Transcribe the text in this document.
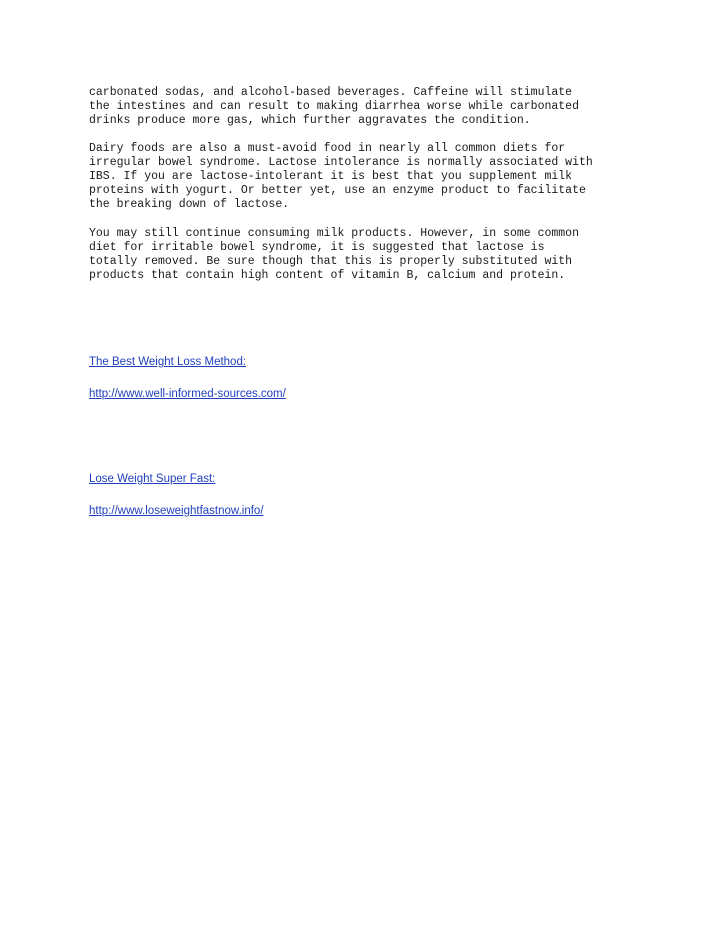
carbonated sodas, and alcohol-based beverages. Caffeine will stimulate
the intestines and can result to making diarrhea worse while carbonated
drinks produce more gas, which further aggravates the condition.
Dairy foods are also a must-avoid food in nearly all common diets for
irregular bowel syndrome. Lactose intolerance is normally associated with
IBS. If you are lactose-intolerant it is best that you supplement milk
proteins with yogurt. Or better yet, use an enzyme product to facilitate
the breaking down of lactose.
You may still continue consuming milk products. However, in some common
diet for irritable bowel syndrome, it is suggested that lactose is
totally removed. Be sure though that this is properly substituted with
products that contain high content of vitamin B, calcium and protein.
The Best Weight Loss Method:
http://www.well-informed-sources.com/
Lose Weight Super Fast:
http://www.loseweightfastnow.info/
